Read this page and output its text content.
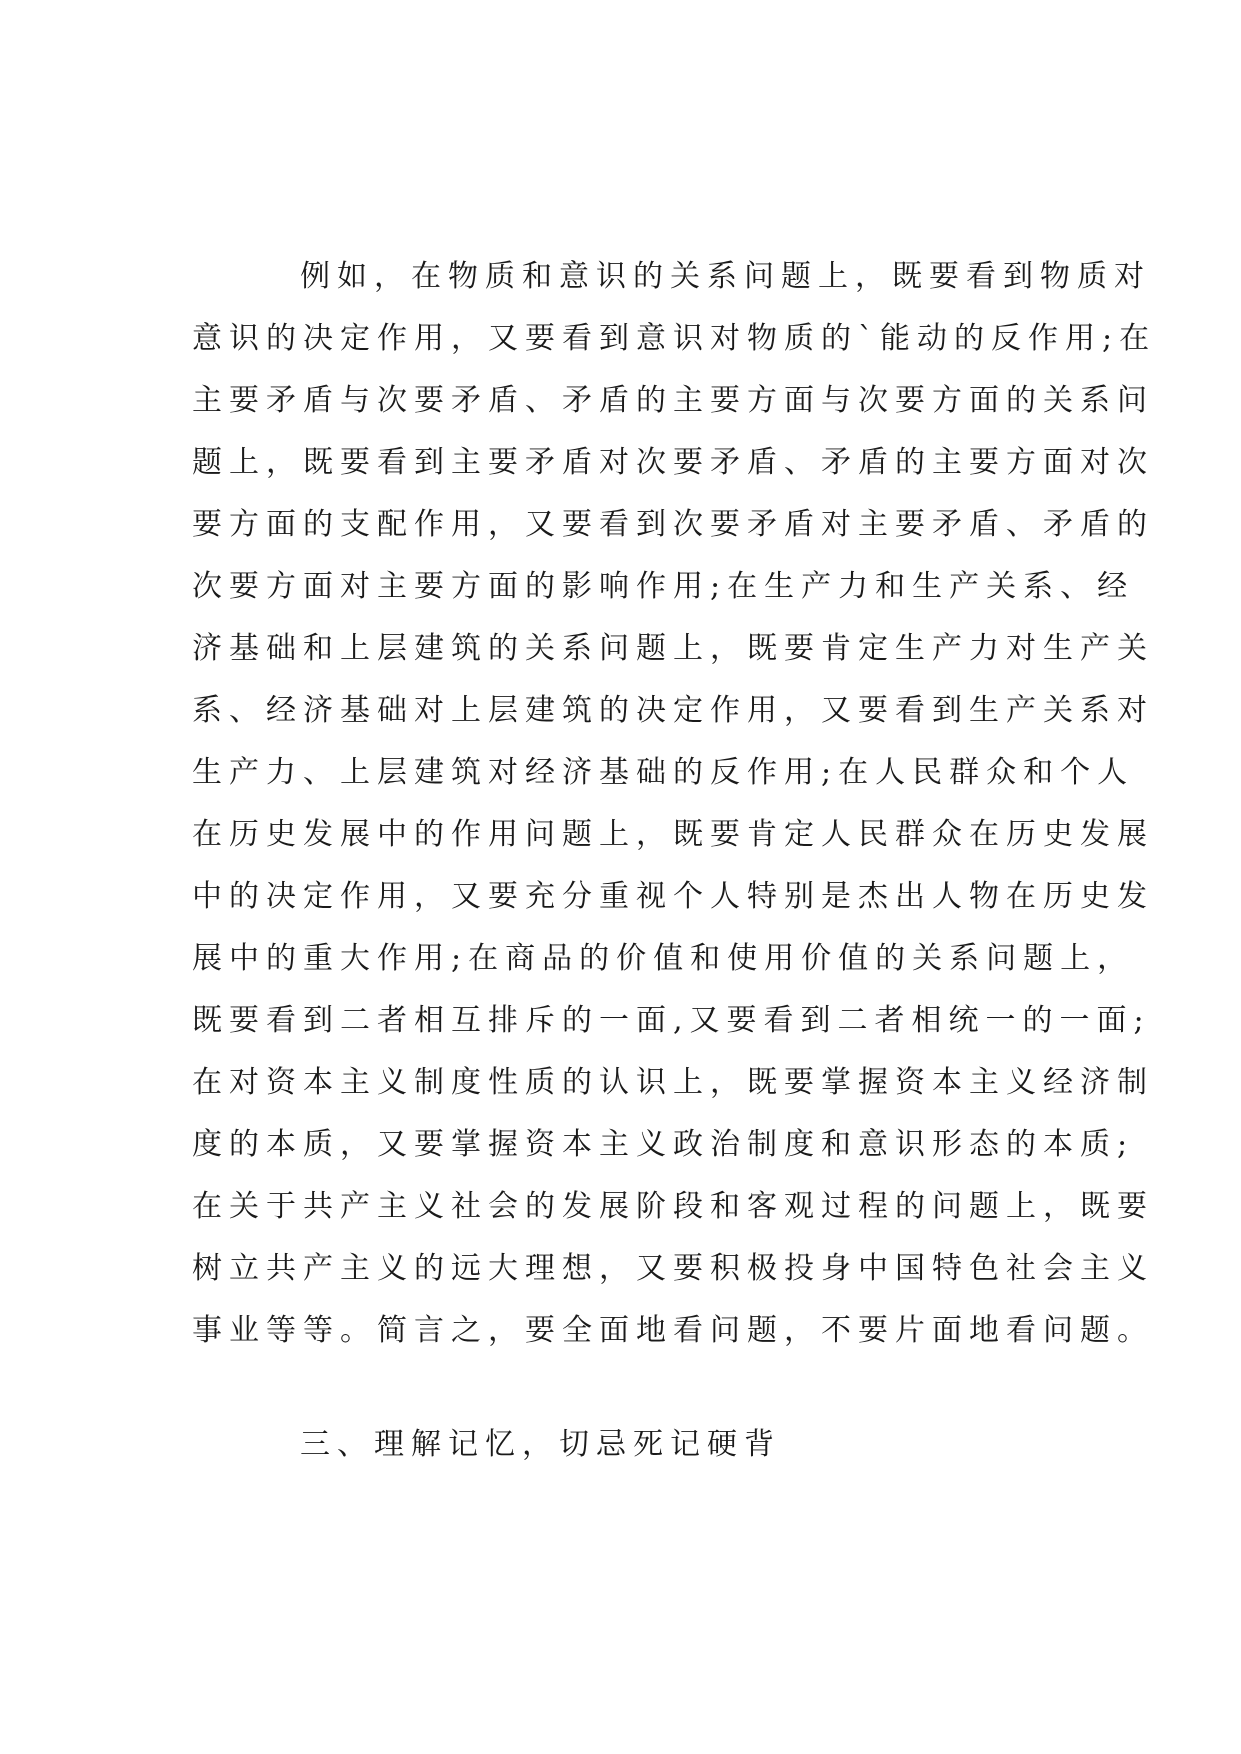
例如，在物质和意识的关系问题上，既要看到物质对
意识的决定作用，又要看到意识对物质的`能动的反作用;在
主要矛盾与次要矛盾、矛盾的主要方面与次要方面的关系问
题上，既要看到主要矛盾对次要矛盾、矛盾的主要方面对次
要方面的支配作用，又要看到次要矛盾对主要矛盾、矛盾的
次要方面对主要方面的影响作用;在生产力和生产关系、经
济基础和上层建筑的关系问题上，既要肯定生产力对生产关
系、经济基础对上层建筑的决定作用，又要看到生产关系对
生产力、上层建筑对经济基础的反作用;在人民群众和个人
在历史发展中的作用问题上，既要肯定人民群众在历史发展
中的决定作用，又要充分重视个人特别是杰出人物在历史发
展中的重大作用;在商品的价值和使用价值的关系问题上，
既要看到二者相互排斥的一面,又要看到二者相统一的一面;
在对资本主义制度性质的认识上，既要掌握资本主义经济制
度的本质，又要掌握资本主义政治制度和意识形态的本质;
在关于共产主义社会的发展阶段和客观过程的问题上，既要
树立共产主义的远大理想，又要积极投身中国特色社会主义
事业等等。简言之，要全面地看问题，不要片面地看问题。
三、理解记忆，切忌死记硬背
